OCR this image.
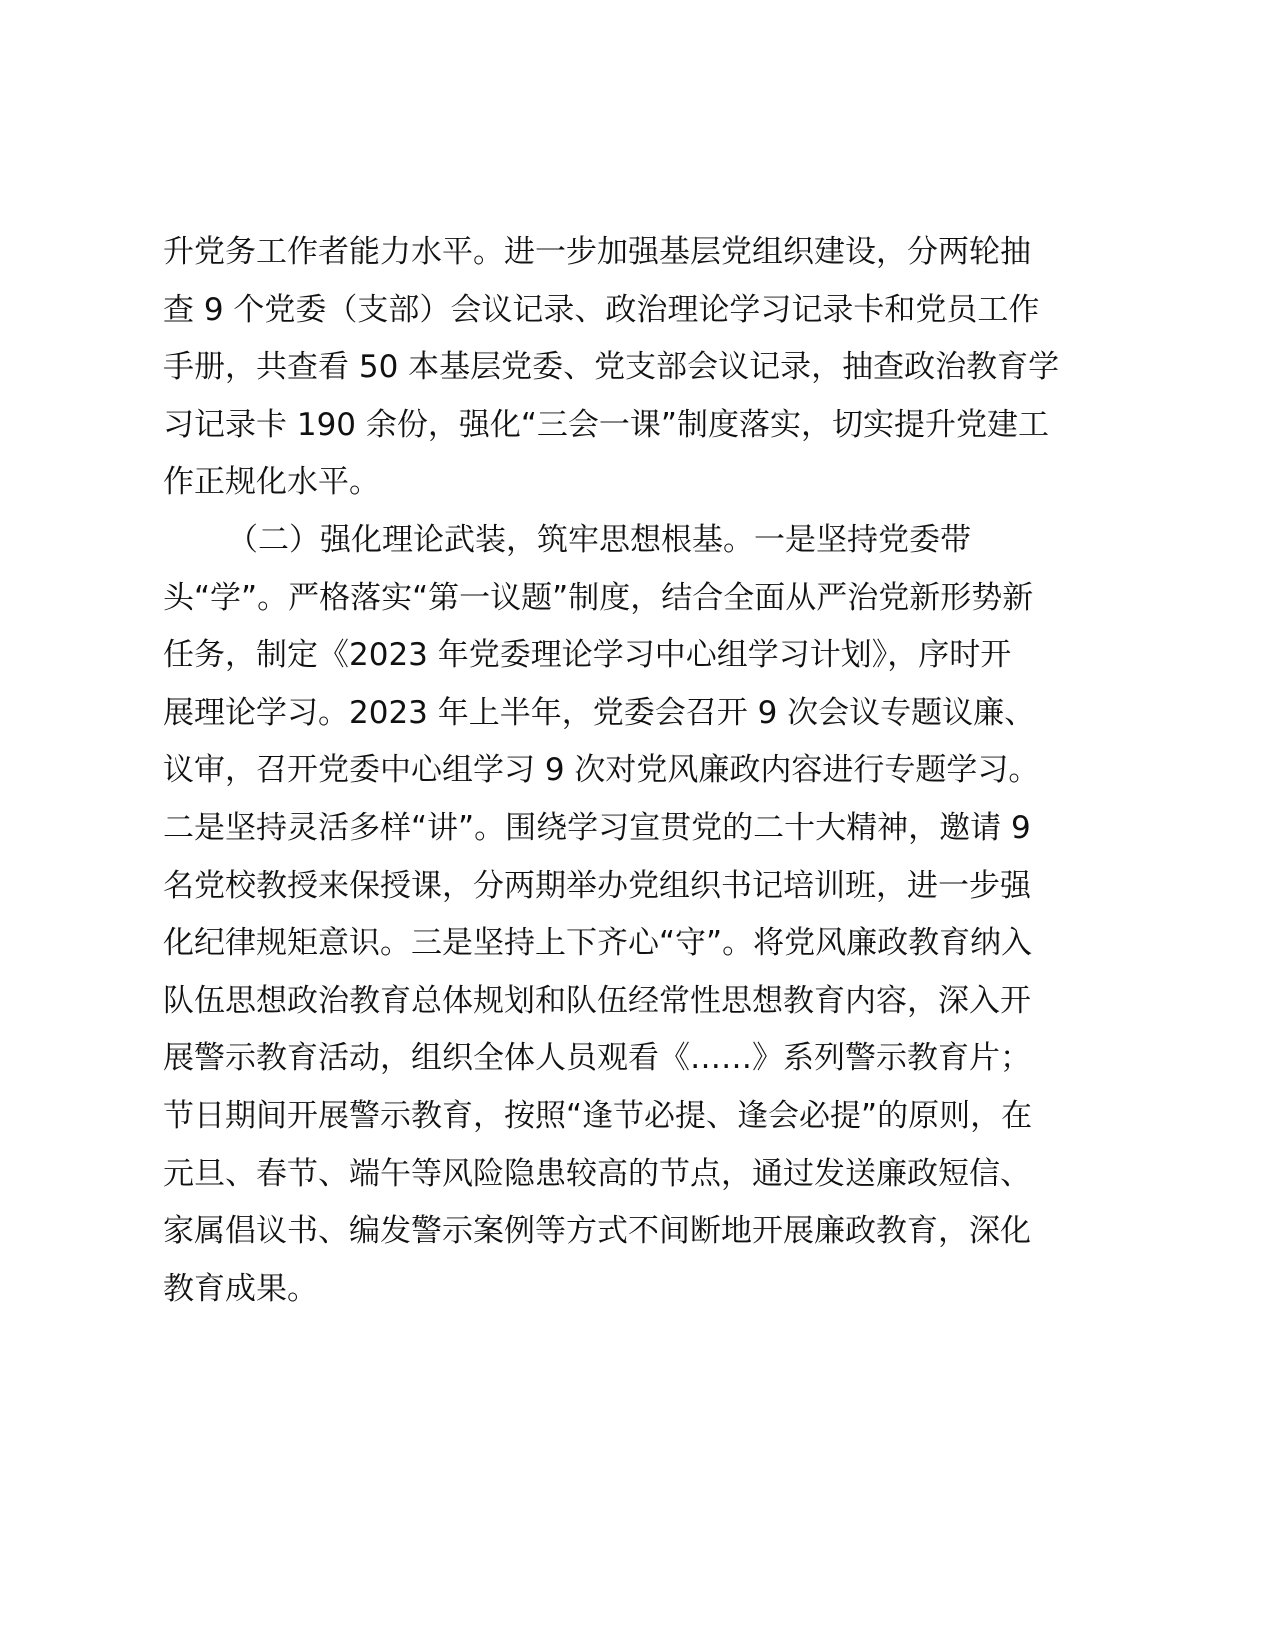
升党务工作者能力水平。进一步加强基层党组织建设，分两轮抽
查 9 个党委（支部）会议记录、政治理论学习记录卡和党员工作
手册，共查看 50 本基层党委、党支部会议记录，抽查政治教育学
习记录卡 190 余份，强化“三会一课”制度落实，切实提升党建工
作正规化水平。
（二）强化理论武装，筑牢思想根基。一是坚持党委带
头“学”。严格落实“第一议题”制度，结合全面从严治党新形势新
任务，制定《2023 年党委理论学习中心组学习计划》，序时开
展理论学习。2023 年上半年，党委会召开 9 次会议专题议廉、
议审，召开党委中心组学习 9 次对党风廉政内容进行专题学习。
二是坚持灵活多样“讲”。围绕学习宣贯党的二十大精神，邀请 9
名党校教授来保授课，分两期举办党组织书记培训班，进一步强
化纪律规矩意识。三是坚持上下齐心“守”。将党风廉政教育纳入
队伍思想政治教育总体规划和队伍经常性思想教育内容，深入开
展警示教育活动，组织全体人员观看《……》系列警示教育片；
节日期间开展警示教育，按照“逢节必提、逢会必提”的原则，在
元旦、春节、端午等风险隐患较高的节点，通过发送廉政短信、
家属倡议书、编发警示案例等方式不间断地开展廉政教育，深化
教育成果。
